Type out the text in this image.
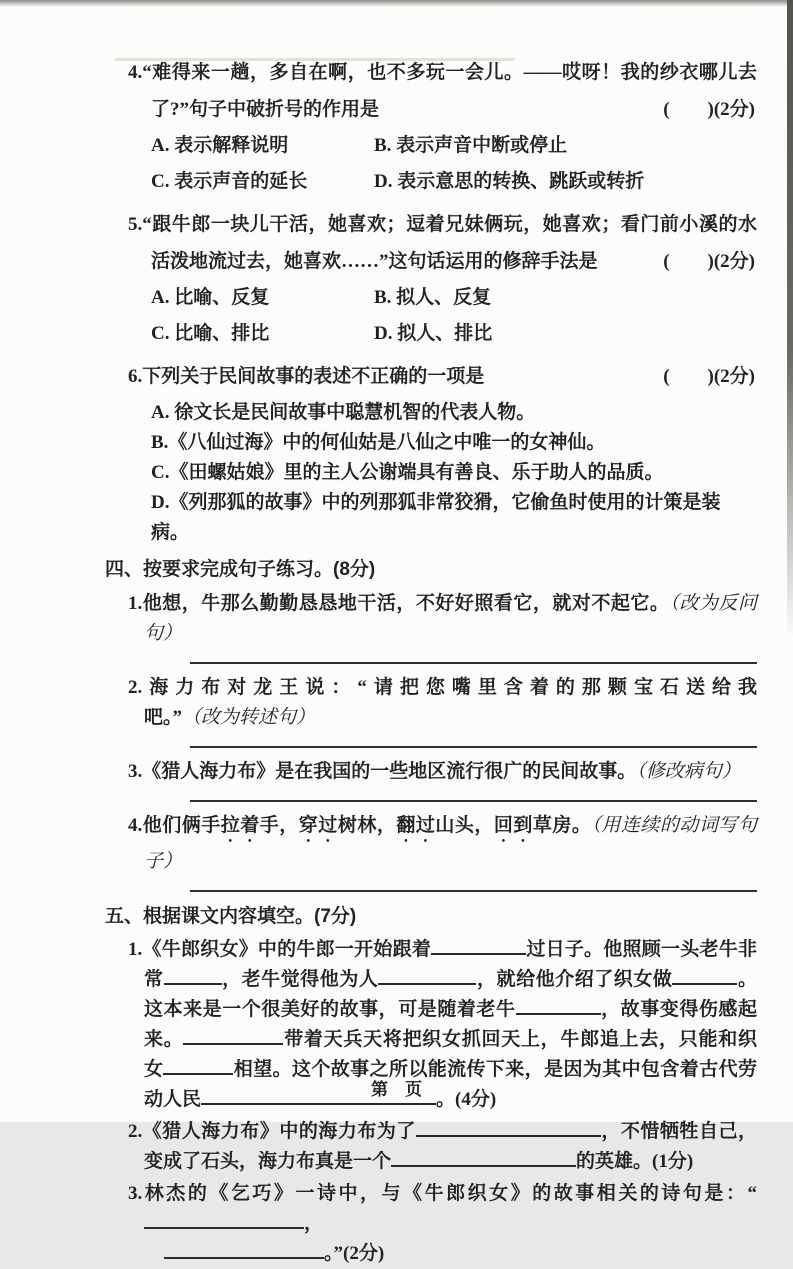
4.“难得来一趟，多自在啊，也不多玩一会儿。——哎呀！我的纱衣哪儿去了?”句子中破折号的作用是	(　　)(2分)
A. 表示解释说明	B. 表示声音中断或停止
C. 表示声音的延长	D. 表示意思的转换、跳跃或转折
5.“跟牛郎一块儿干活，她喜欢；逗着兄妹俩玩，她喜欢；看门前小溪的水活泼地流过去，她喜欢……”这句话运用的修辞手法是	(　　)(2分)
A. 比喻、反复	B. 拟人、反复
C. 比喻、排比	D. 拟人、排比
6.下列关于民间故事的表述不正确的一项是	(　　)(2分)
A. 徐文长是民间故事中聪慧机智的代表人物。
B.《八仙过海》中的何仙姑是八仙之中唯一的女神仙。
C.《田螺姑娘》里的主人公谢端具有善良、乐于助人的品质。
D.《列那狐的故事》中的列那狐非常狡猾，它偷鱼时使用的计策是装病。
四、按要求完成句子练习。(8分)
1.他想，牛那么勤勤恳恳地干活，不好好照看它，就对不起它。（改为反问句）
2.海力布对龙王说：“请把您嘴里含着的那颗宝石送给我吧。”（改为转述句）
3.《猎人海力布》是在我国的一些地区流行很广的民间故事。（修改病句）
4.他们俩手拉着手，穿过树林，翻过山头，回到草房。（用连续的动词写句子）
五、根据课文内容填空。(7分)
1.《牛郎织女》中的牛郎一开始跟着	过日子。他照顾一头老牛非常	，老牛觉得他为人	，就给他介绍了织女做	。这本来是一个很美好的故事，可是随着老牛	，故事变得伤感起来。	带着天兵天将把织女抓回天上，牛郎追上去，只能和织女	相望。这个故事之所以能流传下来，是因为其中包含着古代劳动人民	。(4分)
2.《猎人海力布》中的海力布为了	，不惜牺牲自己，变成了石头，海力布真是一个	的英雄。(1分)
3.林杰的《乞巧》一诗中，与《牛郎织女》的故事相关的诗句是：“，
。”(2分)
第　页
